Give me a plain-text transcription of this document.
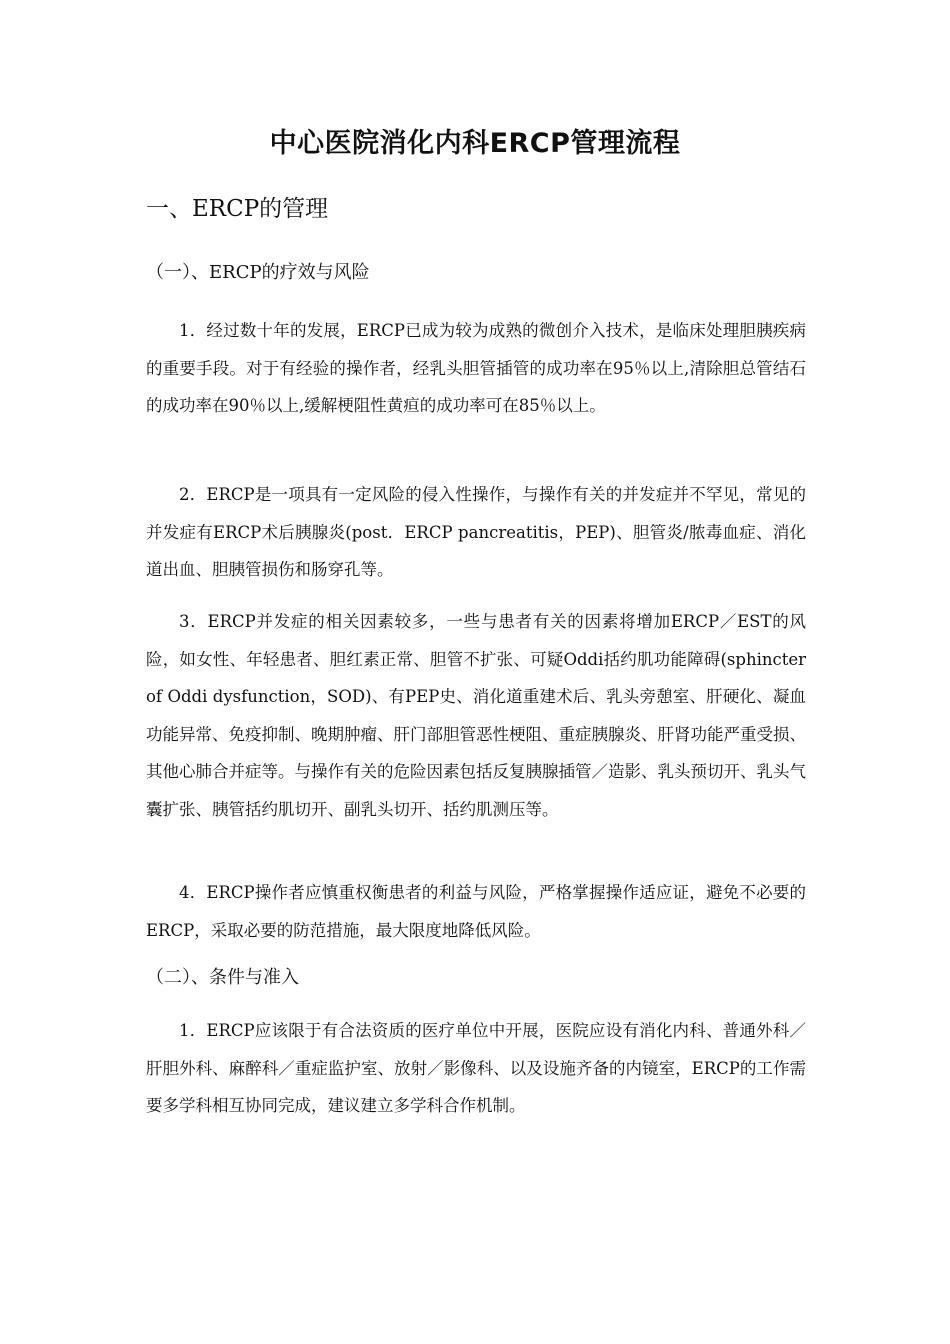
中心医院消化内科ERCP管理流程
一、ERCP的管理
（一）、ERCP的疗效与风险

1．经过数十年的发展，ERCP已成为较为成熟的微创介入技术，是临床处理胆胰疾病的重要手段。对于有经验的操作者，经乳头胆管插管的成功率在95％以上,清除胆总管结石的成功率在90％以上,缓解梗阻性黄疸的成功率可在85％以上。

2．ERCP是一项具有一定风险的侵入性操作，与操作有关的并发症并不罕见，常见的并发症有ERCP术后胰腺炎(post．ERCP pancreatitis，PEP)、胆管炎/脓毒血症、消化道出血、胆胰管损伤和肠穿孔等。

3．ERCP并发症的相关因素较多，一些与患者有关的因素将增加ERCP／EST的风险，如女性、年轻患者、胆红素正常、胆管不扩张、可疑Oddi括约肌功能障碍(sphincter of Oddi dysfunction，SOD)、有PEP史、消化道重建术后、乳头旁憩室、肝硬化、凝血功能异常、免疫抑制、晚期肿瘤、肝门部胆管恶性梗阻、重症胰腺炎、肝肾功能严重受损、其他心肺合并症等。与操作有关的危险因素包括反复胰腺插管／造影、乳头预切开、乳头气囊扩张、胰管括约肌切开、副乳头切开、括约肌测压等。

4．ERCP操作者应慎重权衡患者的利益与风险，严格掌握操作适应证，避免不必要的ERCP，采取必要的防范措施，最大限度地降低风险。

（二）、条件与准入

1．ERCP应该限于有合法资质的医疗单位中开展，医院应设有消化内科、普通外科／肝胆外科、麻醉科／重症监护室、放射／影像科、以及设施齐备的内镜室，ERCP的工作需要多学科相互协同完成，建议建立多学科合作机制。
